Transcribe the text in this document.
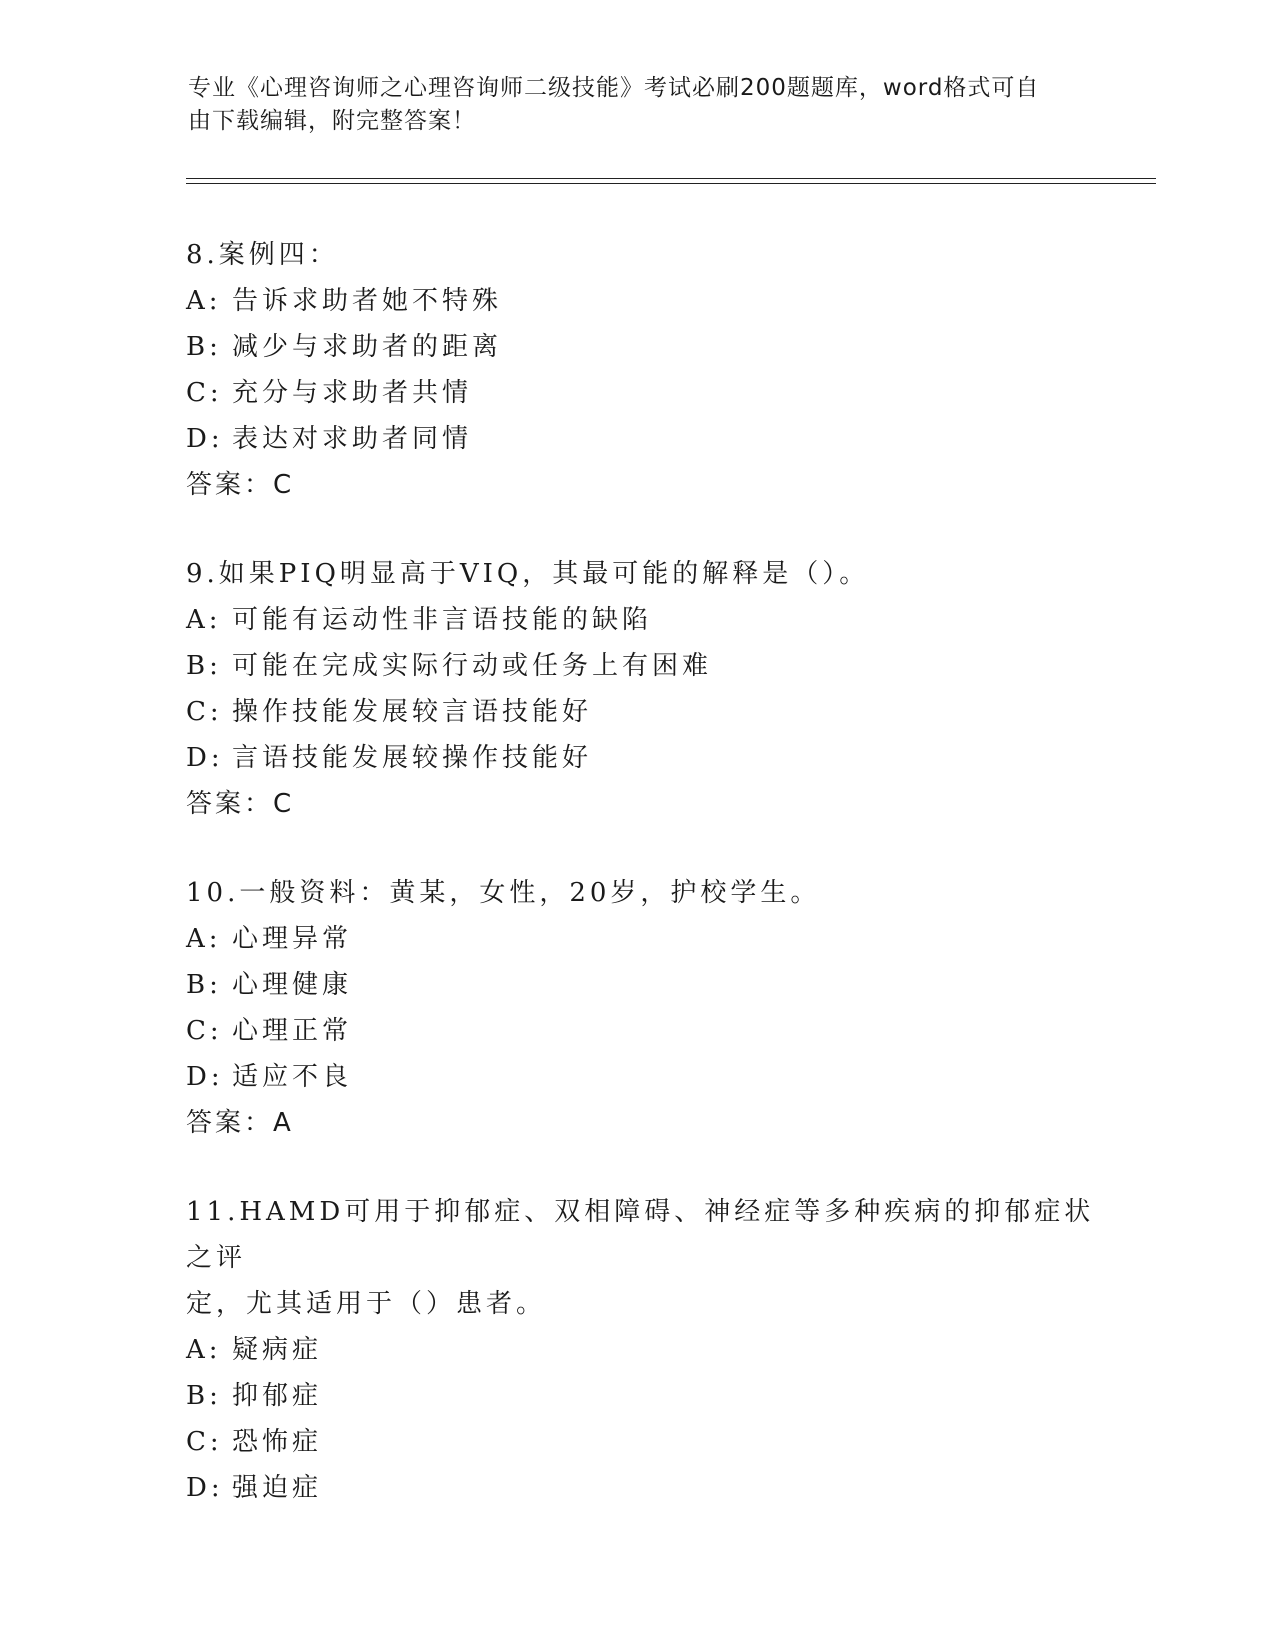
专业《心理咨询师之心理咨询师二级技能》考试必刷200题题库，word格式可自
由下载编辑，附完整答案！
8.案例四：
A: 告诉求助者她不特殊
B: 减少与求助者的距离
C: 充分与求助者共情
D: 表达对求助者同情
答案：C
9.如果PIQ明显高于VIQ，其最可能的解释是（）。
A: 可能有运动性非言语技能的缺陷
B: 可能在完成实际行动或任务上有困难
C: 操作技能发展较言语技能好
D: 言语技能发展较操作技能好
答案：C
10.一般资料：黄某，女性，20岁，护校学生。
A: 心理异常
B: 心理健康
C: 心理正常
D: 适应不良
答案：A
11.HAMD可用于抑郁症、双相障碍、神经症等多种疾病的抑郁症状之评
定，尤其适用于（）患者。
A: 疑病症
B: 抑郁症
C: 恐怖症
D: 强迫症
